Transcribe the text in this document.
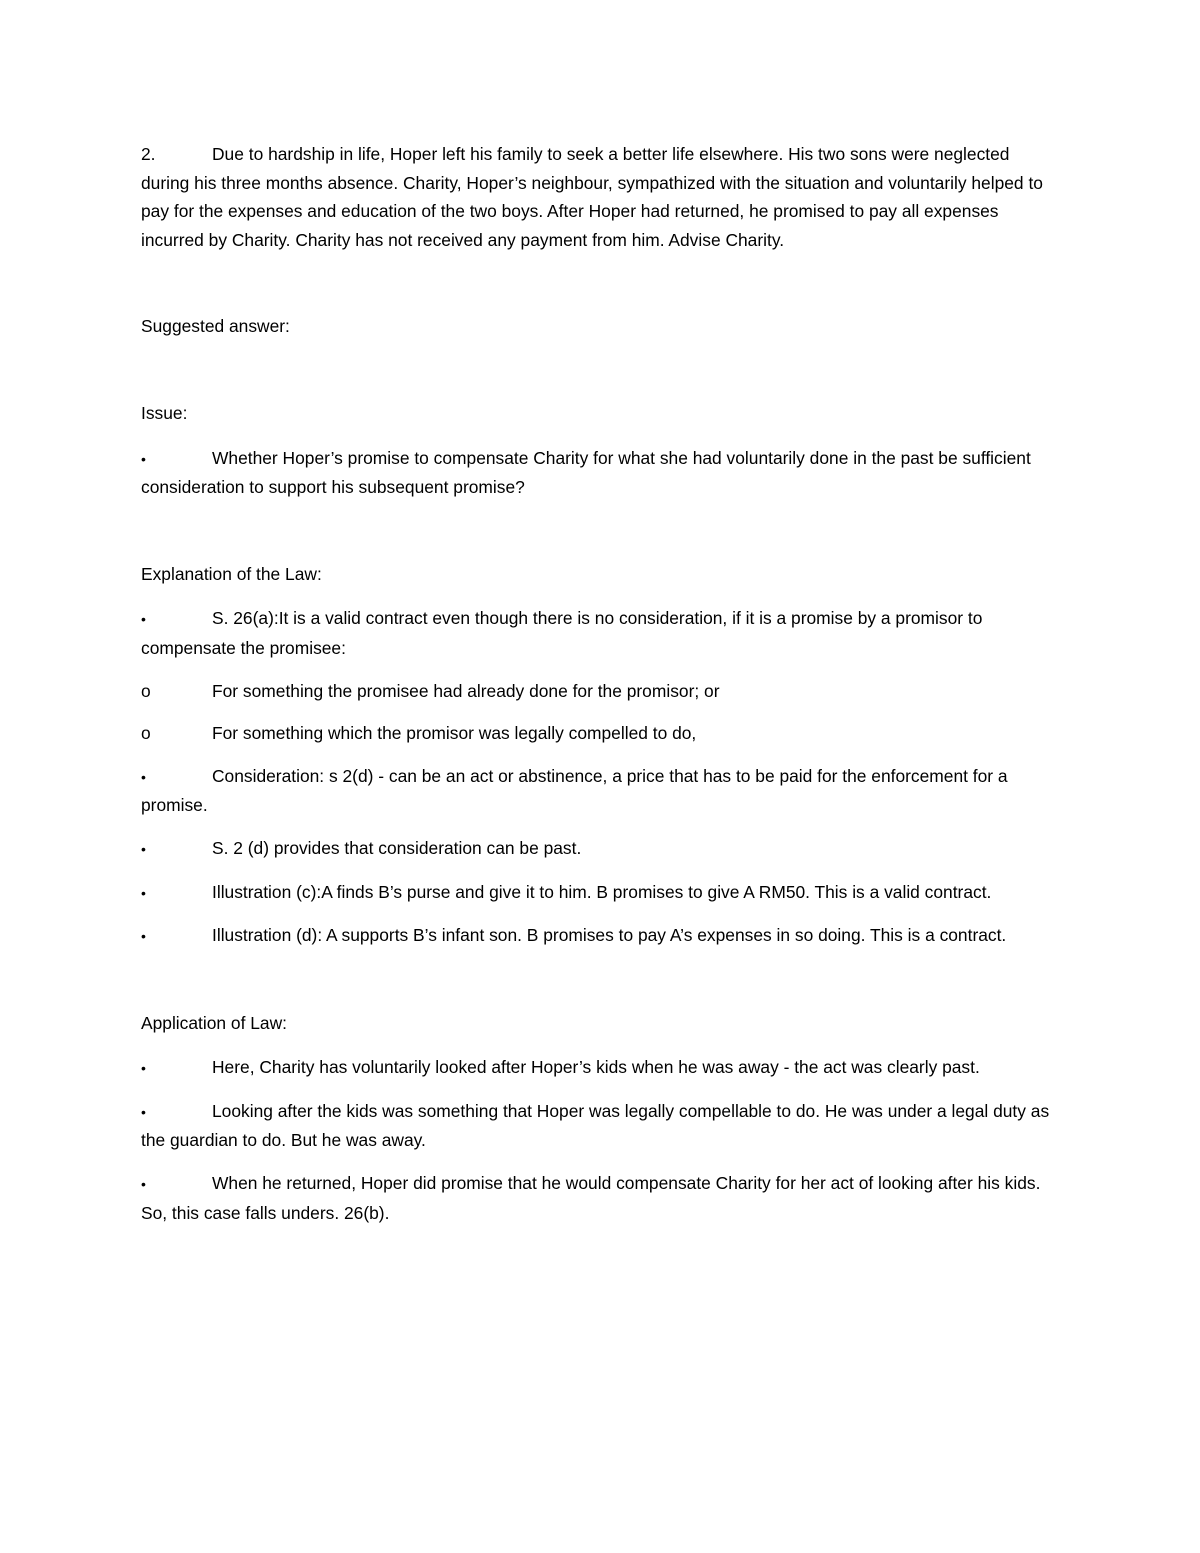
2.	Due to hardship in life, Hoper left his family to seek a better life elsewhere. His two sons were neglected during his three months absence. Charity, Hoper’s neighbour, sympathized with the situation and voluntarily helped to pay for the expenses and education of the two boys. After Hoper had returned, he promised to pay all expenses incurred by Charity. Charity has not received any payment from him. Advise Charity.

Suggested answer:

Issue:

•	Whether Hoper’s promise to compensate Charity for what she had voluntarily done in the past be sufficient consideration to support his subsequent promise?

Explanation of the Law:

•	S. 26(a):It is a valid contract even though there is no consideration, if it is a promise by a promisor to compensate the promisee:

o	For something the promisee had already done for the promisor; or

o	For something which the promisor was legally compelled to do,

•	Consideration: s 2(d) - can be an act or abstinence, a price that has to be paid for the enforcement for a promise.

•	S. 2 (d) provides that consideration can be past.

•	Illustration (c):A finds B’s purse and give it to him. B promises to give A RM50. This is a valid contract.

•	Illustration (d): A supports B’s infant son. B promises to pay A’s expenses in so doing. This is a contract.

Application of Law:

•	Here, Charity has voluntarily looked after Hoper’s kids when he was away - the act was clearly past.

•	Looking after the kids was something that Hoper was legally compellable to do. He was under a legal duty as the guardian to do. But he was away.

•	When he returned, Hoper did promise that he would compensate Charity for her act of looking after his kids. So, this case falls unders. 26(b).
